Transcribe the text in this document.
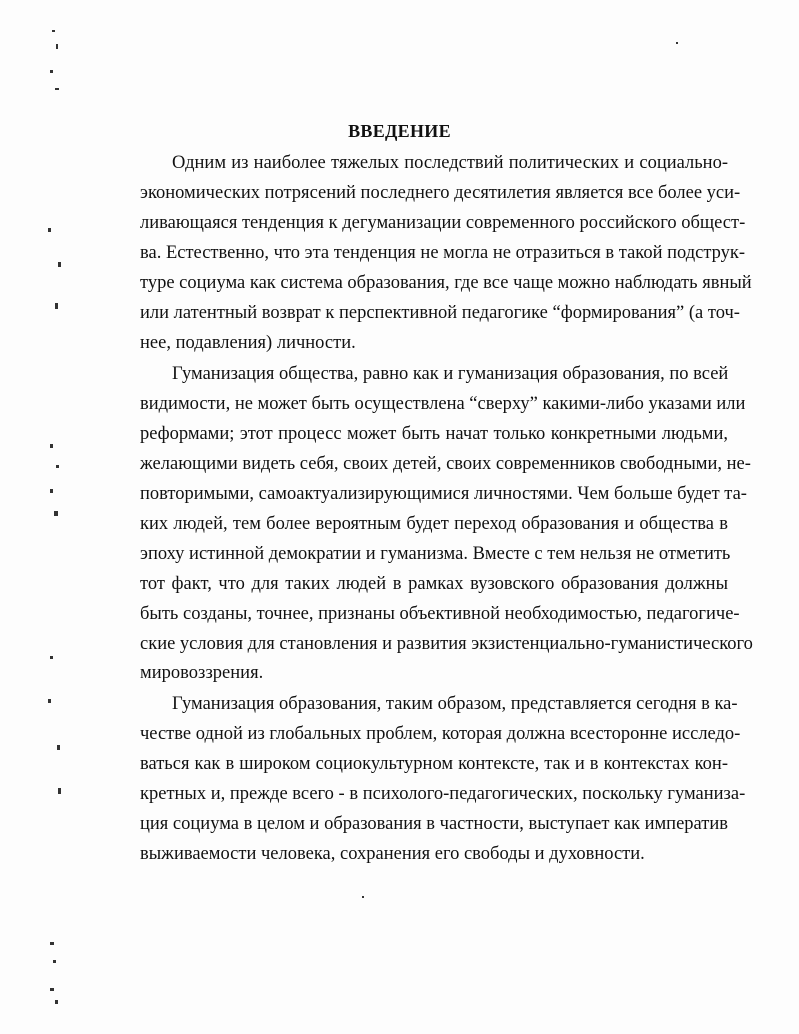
ВВЕДЕНИЕ
Одним из наиболее тяжелых последствий политических и социально-
экономических потрясений последнего десятилетия является все более уси-
ливающаяся тенденция к дегуманизации современного российского общест-
ва. Естественно, что эта тенденция не могла не отразиться в такой подструк-
туре социума как система образования, где все чаще можно наблюдать явный
или латентный возврат к перспективной педагогике “формирования” (а точ-
нее, подавления) личности.
Гуманизация общества, равно как и гуманизация образования, по всей
видимости, не может быть осуществлена “сверху” какими-либо указами или
реформами; этот процесс может быть начат только конкретными людьми,
желающими видеть себя, своих детей, своих современников свободными, не-
повторимыми, самоактуализирующимися личностями. Чем больше будет та-
ких людей, тем более вероятным будет переход образования и общества в
эпоху истинной демократии и гуманизма. Вместе с тем нельзя не отметить
тот факт, что для таких людей в рамках вузовского образования должны
быть созданы, точнее, признаны объективной необходимостью, педагогиче-
ские условия для становления и развития экзистенциально-гуманистического
мировоззрения.
Гуманизация образования, таким образом, представляется сегодня в ка-
честве одной из глобальных проблем, которая должна всесторонне исследо-
ваться как в широком социокультурном контексте, так и в контекстах кон-
кретных и, прежде всего - в психолого-педагогических, поскольку гуманиза-
ция социума в целом и образования в частности, выступает как императив
выживаемости человека, сохранения его свободы и духовности.
